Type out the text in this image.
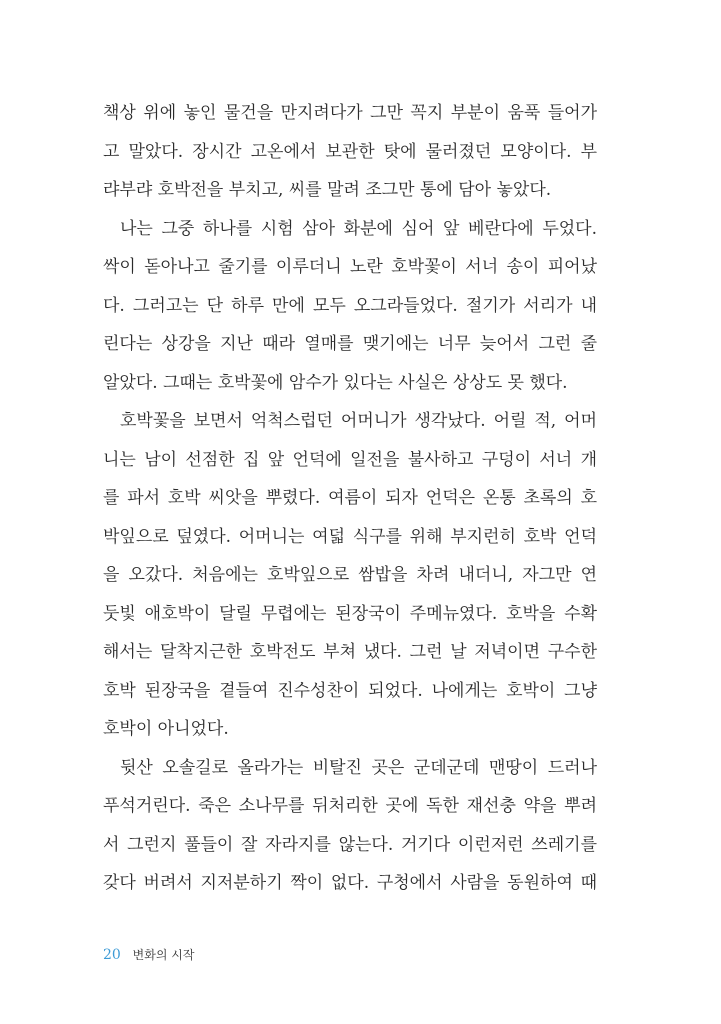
책상 위에 놓인 물건을 만지려다가 그만 꼭지 부분이 움푹 들어가
고 말았다. 장시간 고온에서 보관한 탓에 물러졌던 모양이다. 부
랴부랴 호박전을 부치고, 씨를 말려 조그만 통에 담아 놓았다.
나는 그중 하나를 시험 삼아 화분에 심어 앞 베란다에 두었다.
싹이 돋아나고 줄기를 이루더니 노란 호박꽃이 서너 송이 피어났
다. 그러고는 단 하루 만에 모두 오그라들었다. 절기가 서리가 내
린다는 상강을 지난 때라 열매를 맺기에는 너무 늦어서 그런 줄
알았다. 그때는 호박꽃에 암수가 있다는 사실은 상상도 못 했다.
호박꽃을 보면서 억척스럽던 어머니가 생각났다. 어릴 적, 어머
니는 남이 선점한 집 앞 언덕에 일전을 불사하고 구덩이 서너 개
를 파서 호박 씨앗을 뿌렸다. 여름이 되자 언덕은 온통 초록의 호
박잎으로 덮였다. 어머니는 여덟 식구를 위해 부지런히 호박 언덕
을 오갔다. 처음에는 호박잎으로 쌈밥을 차려 내더니, 자그만 연
둣빛 애호박이 달릴 무렵에는 된장국이 주메뉴였다. 호박을 수확
해서는 달착지근한 호박전도 부쳐 냈다. 그런 날 저녁이면 구수한
호박 된장국을 곁들여 진수성찬이 되었다. 나에게는 호박이 그냥
호박이 아니었다.
뒷산 오솔길로 올라가는 비탈진 곳은 군데군데 맨땅이 드러나
푸석거린다. 죽은 소나무를 뒤처리한 곳에 독한 재선충 약을 뿌려
서 그런지 풀들이 잘 자라지를 않는다. 거기다 이런저런 쓰레기를
갖다 버려서 지저분하기 짝이 없다. 구청에서 사람을 동원하여 때
20 변화의 시작
